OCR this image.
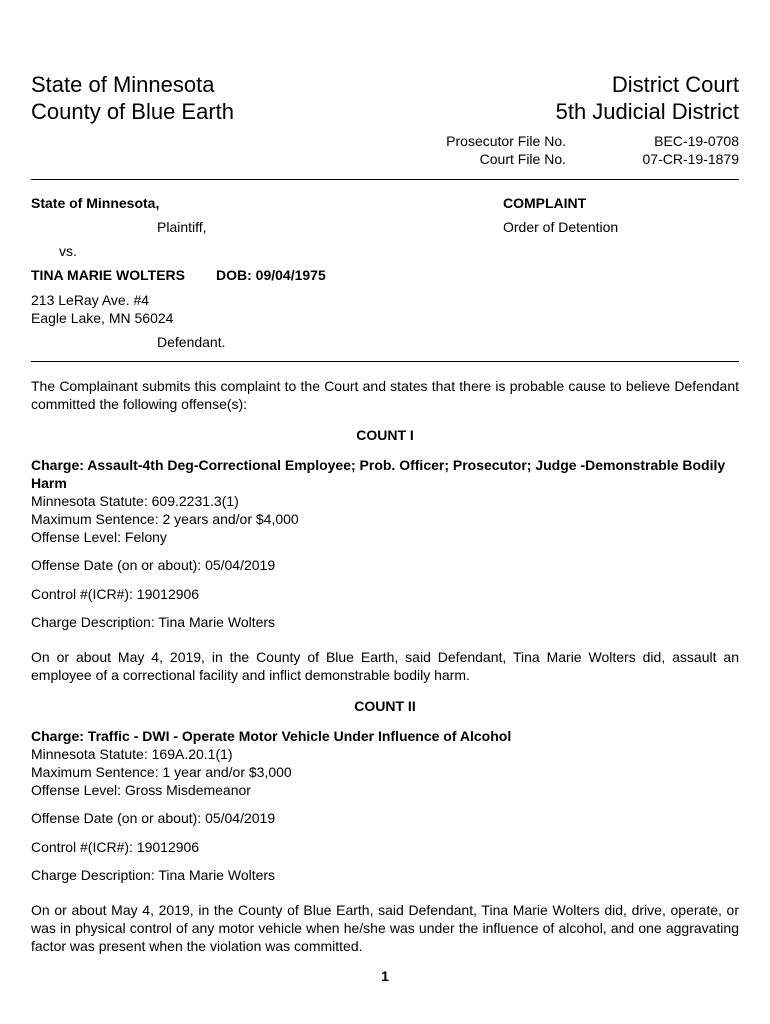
State of Minnesota
County of Blue Earth
District Court
5th Judicial District
Prosecutor File No.	BEC-19-0708
Court File No.	07-CR-19-1879
State of Minnesota,
Plaintiff,
vs.
TINA MARIE WOLTERS DOB: 09/04/1975
213 LeRay Ave. #4
Eagle Lake, MN 56024
Defendant.
COMPLAINT
Order of Detention
The Complainant submits this complaint to the Court and states that there is probable cause to believe Defendant committed the following offense(s):
COUNT I
Charge: Assault-4th Deg-Correctional Employee; Prob. Officer; Prosecutor; Judge -Demonstrable Bodily Harm
Minnesota Statute: 609.2231.3(1)
Maximum Sentence: 2 years and/or $4,000
Offense Level: Felony
Offense Date (on or about): 05/04/2019
Control #(ICR#): 19012906
Charge Description: Tina Marie Wolters
On or about May 4, 2019, in the County of Blue Earth, said Defendant, Tina Marie Wolters did, assault an employee of a correctional facility and inflict demonstrable bodily harm.
COUNT II
Charge: Traffic - DWI - Operate Motor Vehicle Under Influence of Alcohol
Minnesota Statute: 169A.20.1(1)
Maximum Sentence: 1 year and/or $3,000
Offense Level: Gross Misdemeanor
Offense Date (on or about): 05/04/2019
Control #(ICR#): 19012906
Charge Description: Tina Marie Wolters
On or about May 4, 2019, in the County of Blue Earth, said Defendant, Tina Marie Wolters did, drive, operate, or was in physical control of any motor vehicle when he/she was under the influence of alcohol, and one aggravating factor was present when the violation was committed.
1
